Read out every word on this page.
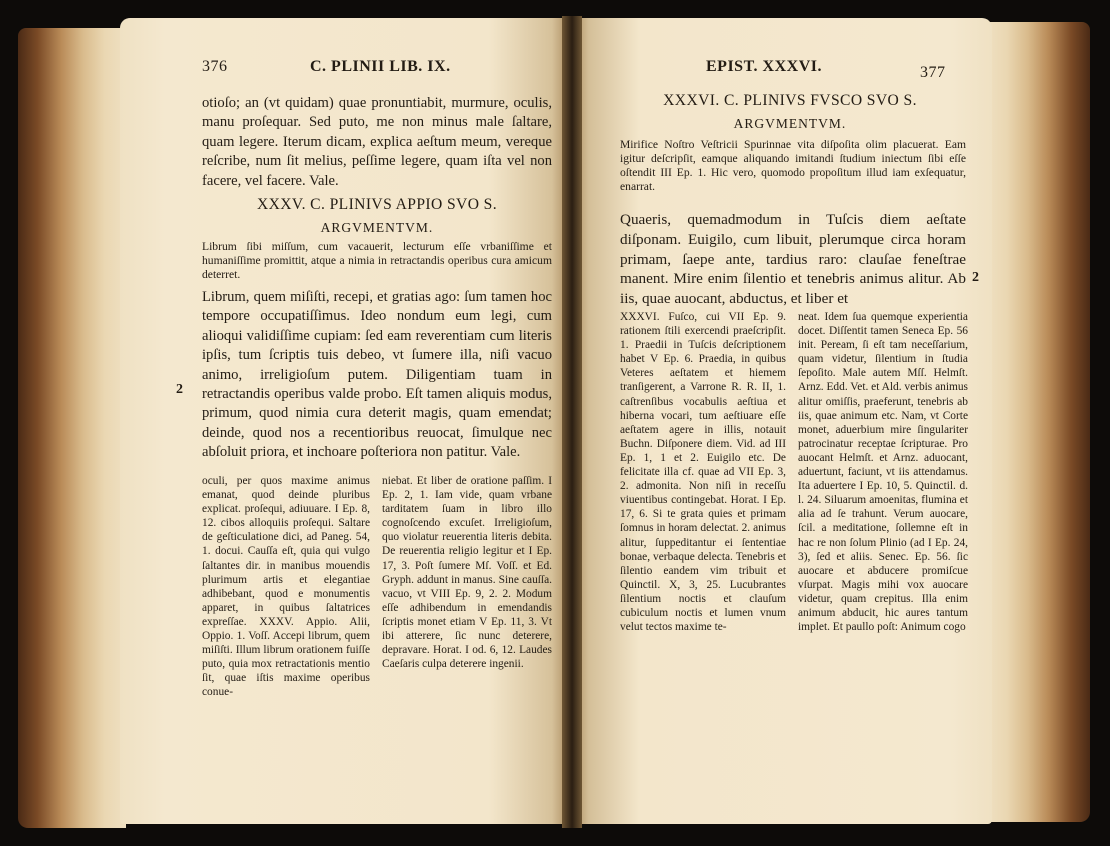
376	C. PLINII LIB. IX.

otioſo; an (vt quidam) quae pronuntiabit, murmure, oculis, manu proſequar. Sed puto, me non minus male ſaltare, quam legere. Iterum dicam, explica aeſtum meum, vereque reſcribe, num ſit melius, peſſime legere, quam iſta vel non facere, vel facere. Vale.

XXXV. C. PLINIVS APPIO SVO S.

ARGVMENTVM.

Librum ſibi miſſum, cum vacauerit, lecturum eſſe vrbaniſſime et humaniſſime promittit, atque a nimia in retractandis operibus cura amicum deterret.

Librum, quem miſiſti, recepi, et gratias ago: ſum tamen hoc tempore occupatiſſimus. Ideo nondum eum legi, cum alioqui validiſſime cupiam: ſed eam reverentiam cum literis ipſis, tum ſcriptis tuis debeo, vt ſumere illa, niſi vacuo animo, irreligioſum putem. Diligentiam tuam in retractandis operibus valde probo. Eſt tamen aliquis modus, primum, quod nimia cura deterit magis, quam emendat; deinde, quod nos a recentioribus reuocat, ſimulque nec abſoluit priora, et inchoare poſteriora non patitur. Vale.

2

oculi, per quos maxime animus emanat, quod deinde pluribus explicat. proſequi, adiuuare. I Ep. 8, 12. cibos alloquiis proſequi. Saltare de geſticulatione dici, ad Paneg. 54, 1. docui. Cauſſa eſt, quia qui vulgo ſaltantes dir. in manibus mouendis plurimum artis et elegantiae adhibebant, quod e monumentis apparet, in quibus ſaltatrices expreſſae. XXXV. Appio. Alii, Oppio. 1. Voſſ. Accepi librum, quem miſiſti. Illum librum orationem fuiſſe puto, quia mox retractationis mentio ſit, quae iſtis maxime operibus conue-

niebat. Et liber de oratione paſſim. I Ep. 2, 1. Iam vide, quam vrbane tarditatem ſuam in libro illo cognoſcendo excuſet. Irreligioſum, quo violatur reuerentia literis debita. De reuerentia religio legitur et I Ep. 17, 3. Poſt ſumere Mſ. Voſſ. et Ed. Gryph. addunt in manus. Sine cauſſa. vacuo, vt VIII Ep. 9, 2. 2. Modum eſſe adhibendum in emendandis ſcriptis monet etiam V Ep. 11, 3. Vt ibi atterere, ſic nunc deterere, depravare. Horat. I od. 6, 12. Laudes Caeſaris culpa deterere ingenii.

EPIST. XXXVI.	377

XXXVI. C. PLINIVS FVSCO SVO S.

ARGVMENTVM.

Mirifice Noſtro Veſtricii Spurinnae vita diſpoſita olim placuerat. Eam igitur deſcripſit, eamque aliquando imitandi ſtudium iniectum ſibi eſſe oſtendit III Ep. 1. Hic vero, quomodo propoſitum illud iam exſequatur, enarrat.

Quaeris, quemadmodum in Tuſcis diem aeſtate diſponam. Euigilo, cum libuit, plerumque circa horam primam, ſaepe ante, tardius raro: clauſae feneſtrae manent. Mire enim ſilentio et tenebris animus alitur. Ab iis, quae auocant, abductus, et liber et

2

XXXVI. Fuſco, cui VII Ep. 9. rationem ſtili exercendi praeſcripſit. 1. Praedii in Tuſcis deſcriptionem habet V Ep. 6. Praedia, in quibus Veteres aeſtatem et hiemem tranſigerent, a Varrone R. R. II, 1. caſtrenſibus vocabulis aeſtiua et hiberna vocari, tum aeſtiuare eſſe aeſtatem agere in illis, notauit Buchn. Diſponere diem. Vid. ad III Ep. 1, 1 et 2. Euigilo etc. De felicitate illa cf. quae ad VII Ep. 3, 2. admonita. Non niſi in receſſu viuentibus contingebat. Horat. I Ep. 17, 6. Si te grata quies et primam ſomnus in horam delectat. 2. animus alitur, ſuppeditantur ei ſententiae bonae, verbaque delecta. Tenebris et ſilentio eandem vim tribuit et Quinctil. X, 3, 25. Lucubrantes ſilentium noctis et clauſum cubiculum noctis et lumen vnum velut tectos maxime te-

neat. Idem ſua quemque experientia docet. Diſſentit tamen Seneca Ep. 56 init. Peream, ſi eſt tam neceſſarium, quam videtur, ſilentium in ſtudia ſepoſito. Male autem Mſſ. Helmſt. Arnz. Edd. Vet. et Ald. verbis animus alitur omiſſis, praeferunt, tenebris ab iis, quae animum etc. Nam, vt Corte monet, aduerbium mire ſingulariter patrocinatur receptae ſcripturae. Pro auocant Helmſt. et Arnz. aduocant, aduertunt, faciunt, vt iis attendamus. Ita aduertere I Ep. 10, 5. Quinctil. d. l. 24. Siluarum amoenitas, flumina et alia ad ſe trahunt. Verum auocare, ſcil. a meditatione, ſollemne eſt in hac re non ſolum Plinio (ad I Ep. 24, 3), ſed et aliis. Senec. Ep. 56. ſic auocare et abducere promiſcue vſurpat. Magis mihi vox auocare videtur, quam crepitus. Illa enim animum abducit, hic aures tantum implet. Et paullo poſt: Animum cogo
